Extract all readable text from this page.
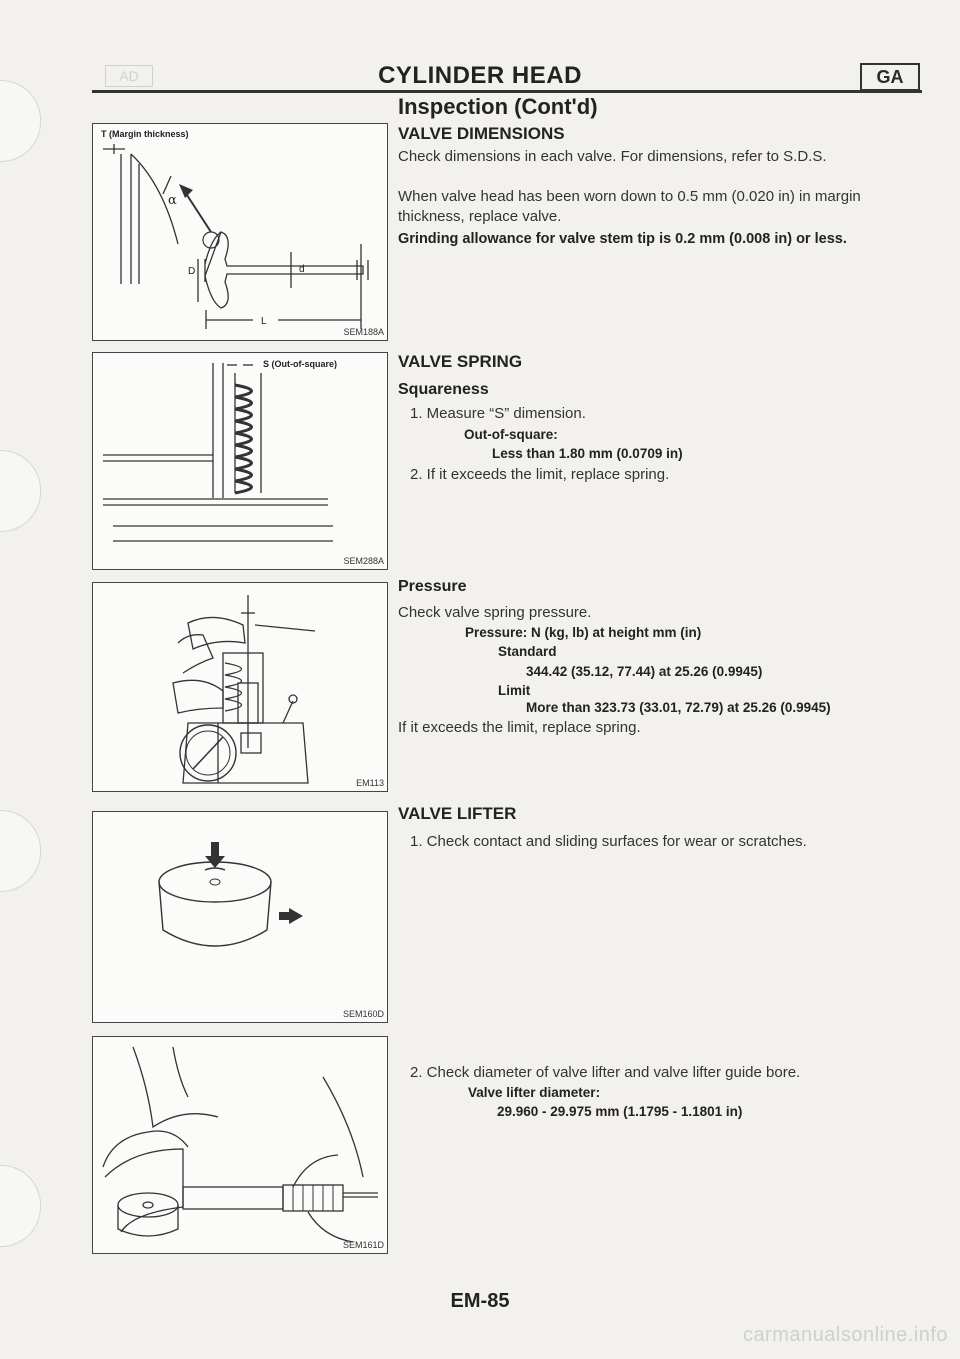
AD	CYLINDER HEAD	GA
Inspection (Cont'd)
T (Margin thickness)
α
D	d
L
SEM188A
S (Out-of-square)
SEM288A
EM113
SEM160D
SEM161D
VALVE DIMENSIONS
Check dimensions in each valve. For dimensions, refer to S.D.S.
When valve head has been worn down to 0.5 mm (0.020 in) in margin thickness, replace valve.
Grinding allowance for valve stem tip is 0.2 mm (0.008 in) or less.
VALVE SPRING
Squareness
1. Measure “S” dimension.
Out-of-square:
Less than 1.80 mm (0.0709 in)
2. If it exceeds the limit, replace spring.
Pressure
Check valve spring pressure.
Pressure: N (kg, lb) at height mm (in)
Standard
344.42 (35.12, 77.44) at 25.26 (0.9945)
Limit
More than 323.73 (33.01, 72.79) at 25.26 (0.9945)
If it exceeds the limit, replace spring.
VALVE LIFTER
1. Check contact and sliding surfaces for wear or scratches.
2. Check diameter of valve lifter and valve lifter guide bore.
Valve lifter diameter:
29.960 - 29.975 mm (1.1795 - 1.1801 in)
EM-85
carmanualsonline.info
